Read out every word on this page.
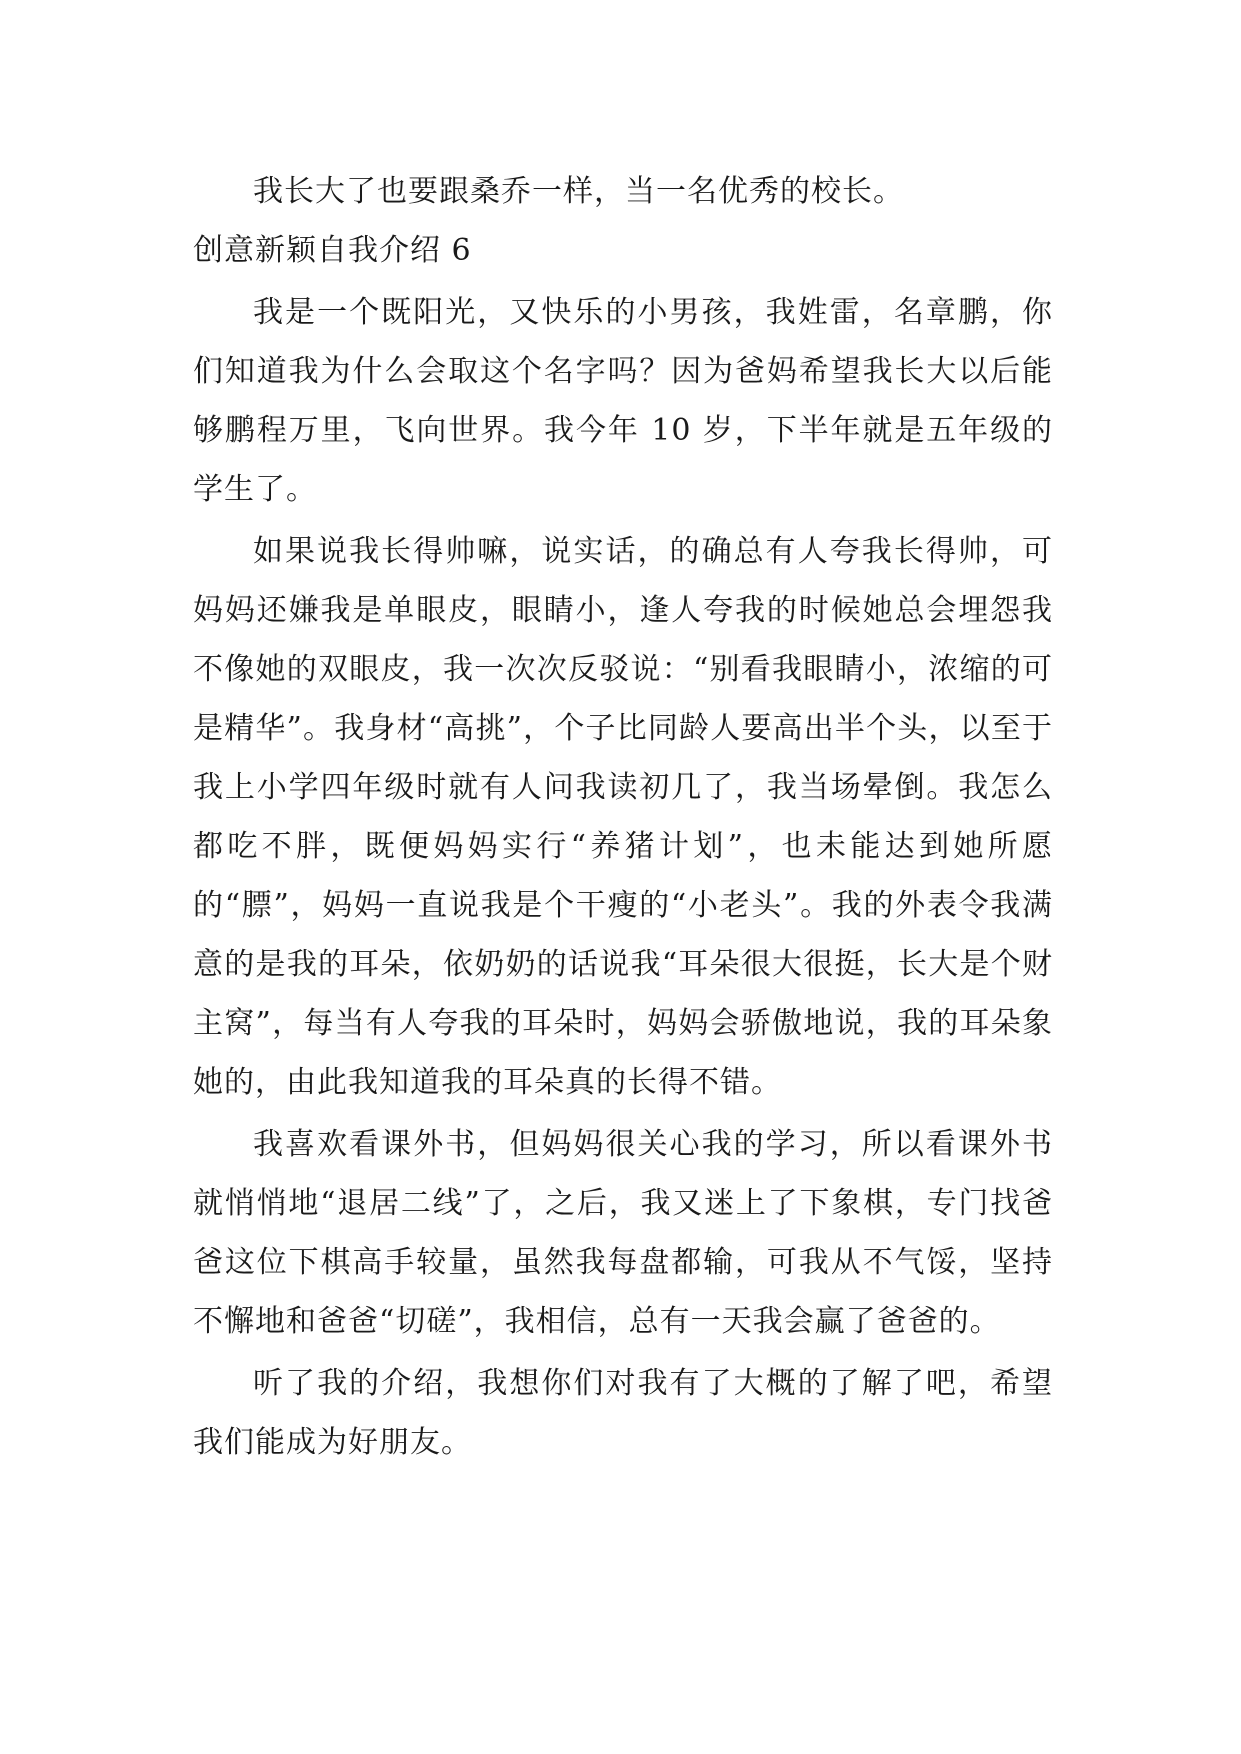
我长大了也要跟桑乔一样，当一名优秀的校长。

创意新颖自我介绍 6

我是一个既阳光，又快乐的小男孩，我姓雷，名章鹏，你们知道我为什么会取这个名字吗？因为爸妈希望我长大以后能够鹏程万里，飞向世界。我今年 10 岁，下半年就是五年级的学生了。

如果说我长得帅嘛，说实话，的确总有人夸我长得帅，可妈妈还嫌我是单眼皮，眼睛小，逢人夸我的时候她总会埋怨我不像她的双眼皮，我一次次反驳说：“别看我眼睛小，浓缩的可是精华”。我身材“高挑”，个子比同龄人要高出半个头，以至于我上小学四年级时就有人问我读初几了，我当场晕倒。我怎么都吃不胖，既便妈妈实行“养猪计划”，也未能达到她所愿的“膘”，妈妈一直说我是个干瘦的“小老头”。我的外表令我满意的是我的耳朵，依奶奶的话说我“耳朵很大很挺，长大是个财主窝”，每当有人夸我的耳朵时，妈妈会骄傲地说，我的耳朵象她的，由此我知道我的耳朵真的长得不错。

我喜欢看课外书，但妈妈很关心我的学习，所以看课外书就悄悄地“退居二线”了，之后，我又迷上了下象棋，专门找爸爸这位下棋高手较量，虽然我每盘都输，可我从不气馁，坚持不懈地和爸爸“切磋”，我相信，总有一天我会赢了爸爸的。

听了我的介绍，我想你们对我有了大概的了解了吧，希望我们能成为好朋友。
